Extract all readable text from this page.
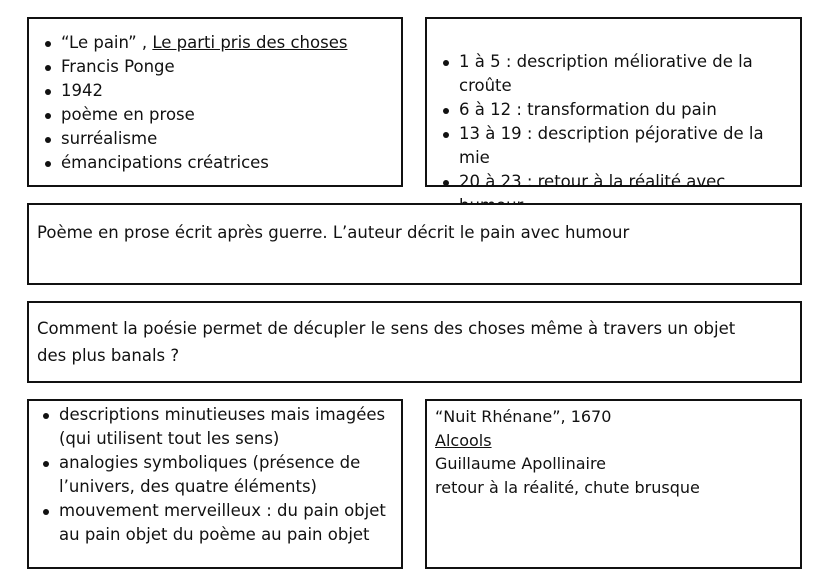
“Le pain” , Le parti pris des choses
Francis Ponge
1942
poème en prose
surréalisme
émancipations créatrices
1 à 5 : description méliorative de la croûte
6 à 12 : transformation du pain
13 à 19 : description péjorative de la mie
20 à 23 : retour à la réalité avec
Poème en prose écrit après guerre. L’auteur décrit le pain avec humour
Comment la poésie permet de décupler le sens des choses même à travers un objet
des plus banals ?
descriptions minutieuses mais imagées
(qui utilisent tout les sens)
analogies symboliques (présence de
l’univers, des quatre éléments)
mouvement merveilleux : du pain objet
au pain objet du poème au pain objet
“Nuit Rhénane”, 1670
Alcools
Guillaume Apollinaire
retour à la réalité, chute brusque
